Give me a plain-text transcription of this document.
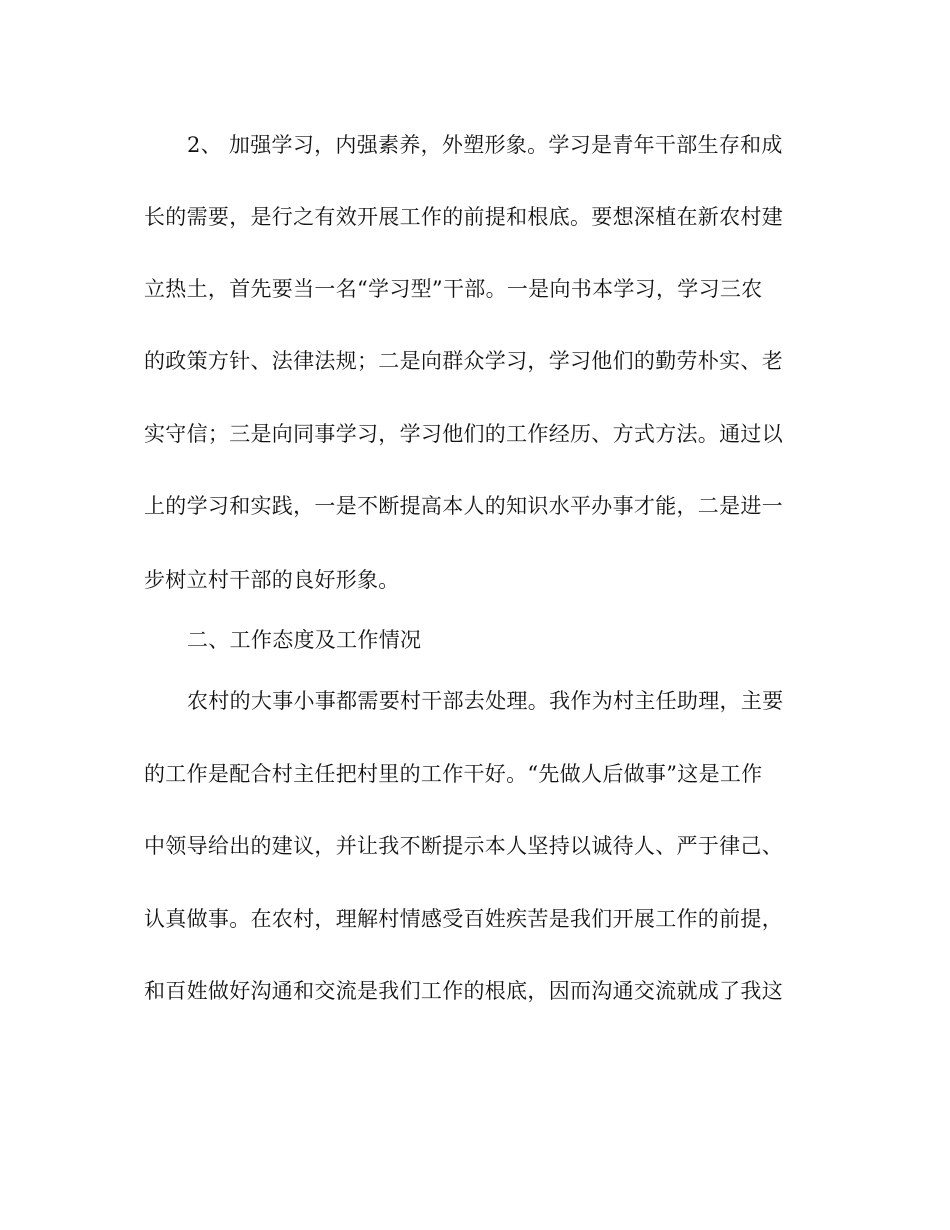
2、 加强学习，内强素养，外塑形象。学习是青年干部生存和成
长的需要，是行之有效开展工作的前提和根底。要想深植在新农村建
立热土，首先要当一名“学习型”干部。一是向书本学习，学习三农
的政策方针、法律法规；二是向群众学习，学习他们的勤劳朴实、老
实守信；三是向同事学习，学习他们的工作经历、方式方法。通过以
上的学习和实践，一是不断提高本人的知识水平办事才能，二是进一
步树立村干部的良好形象。
二、工作态度及工作情况
农村的大事小事都需要村干部去处理。我作为村主任助理，主要
的工作是配合村主任把村里的工作干好。“先做人后做事”这是工作
中领导给出的建议，并让我不断提示本人坚持以诚待人、严于律己、
认真做事。在农村，理解村情感受百姓疾苦是我们开展工作的前提，
和百姓做好沟通和交流是我们工作的根底，因而沟通交流就成了我这
